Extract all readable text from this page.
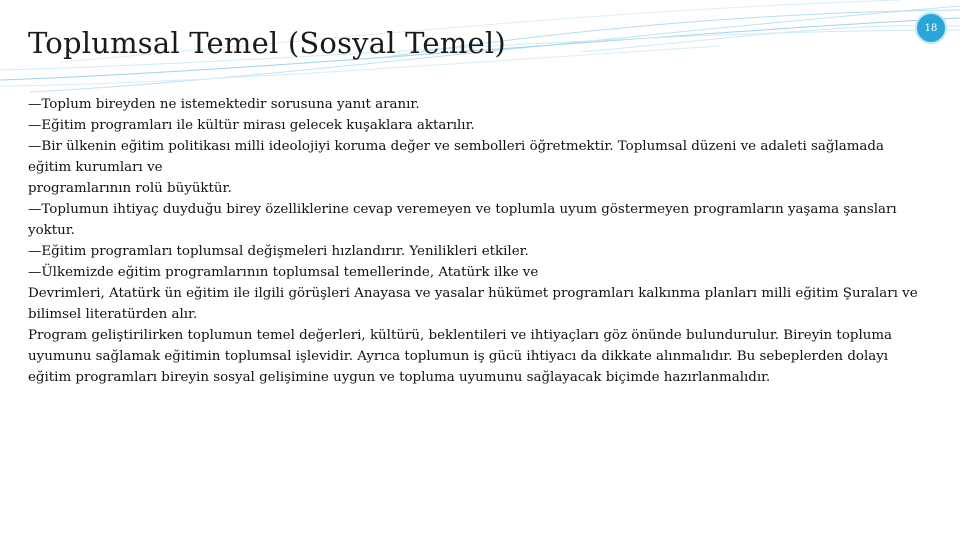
Toplumsal Temel (Sosyal Temel)	18

—Toplum bireyden ne istemektedir sorusuna yanıt aranır.

—Eğitim programları ile kültür mirası gelecek kuşaklara aktarılır.

—Bir ülkenin eğitim politikası milli ideolojiyi koruma değer ve sembolleri öğretmektir. Toplumsal düzeni ve adaleti sağlamada eğitim kurumları ve

programlarının rolü büyüktür.

—Toplumun ihtiyaç duyduğu birey özelliklerine cevap veremeyen ve toplumla uyum göstermeyen programların yaşama şansları yoktur.

—Eğitim programları toplumsal değişmeleri hızlandırır. Yenilikleri etkiler.

—Ülkemizde eğitim programlarının toplumsal temellerinde, Atatürk ilke ve

Devrimleri, Atatürk ün eğitim ile ilgili görüşleri Anayasa ve yasalar hükümet programları kalkınma planları milli eğitim Şuraları ve bilimsel literatürden alır.

Program geliştirilirken toplumun temel değerleri, kültürü, beklentileri ve ihtiyaçları göz önünde bulundurulur. Bireyin topluma uyumunu sağlamak eğitimin toplumsal işlevidir. Ayrıca toplumun iş gücü ihtiyacı da dikkate alınmalıdır. Bu sebeplerden dolayı eğitim programları bireyin sosyal gelişimine uygun ve topluma uyumunu sağlayacak biçimde hazırlanmalıdır.
